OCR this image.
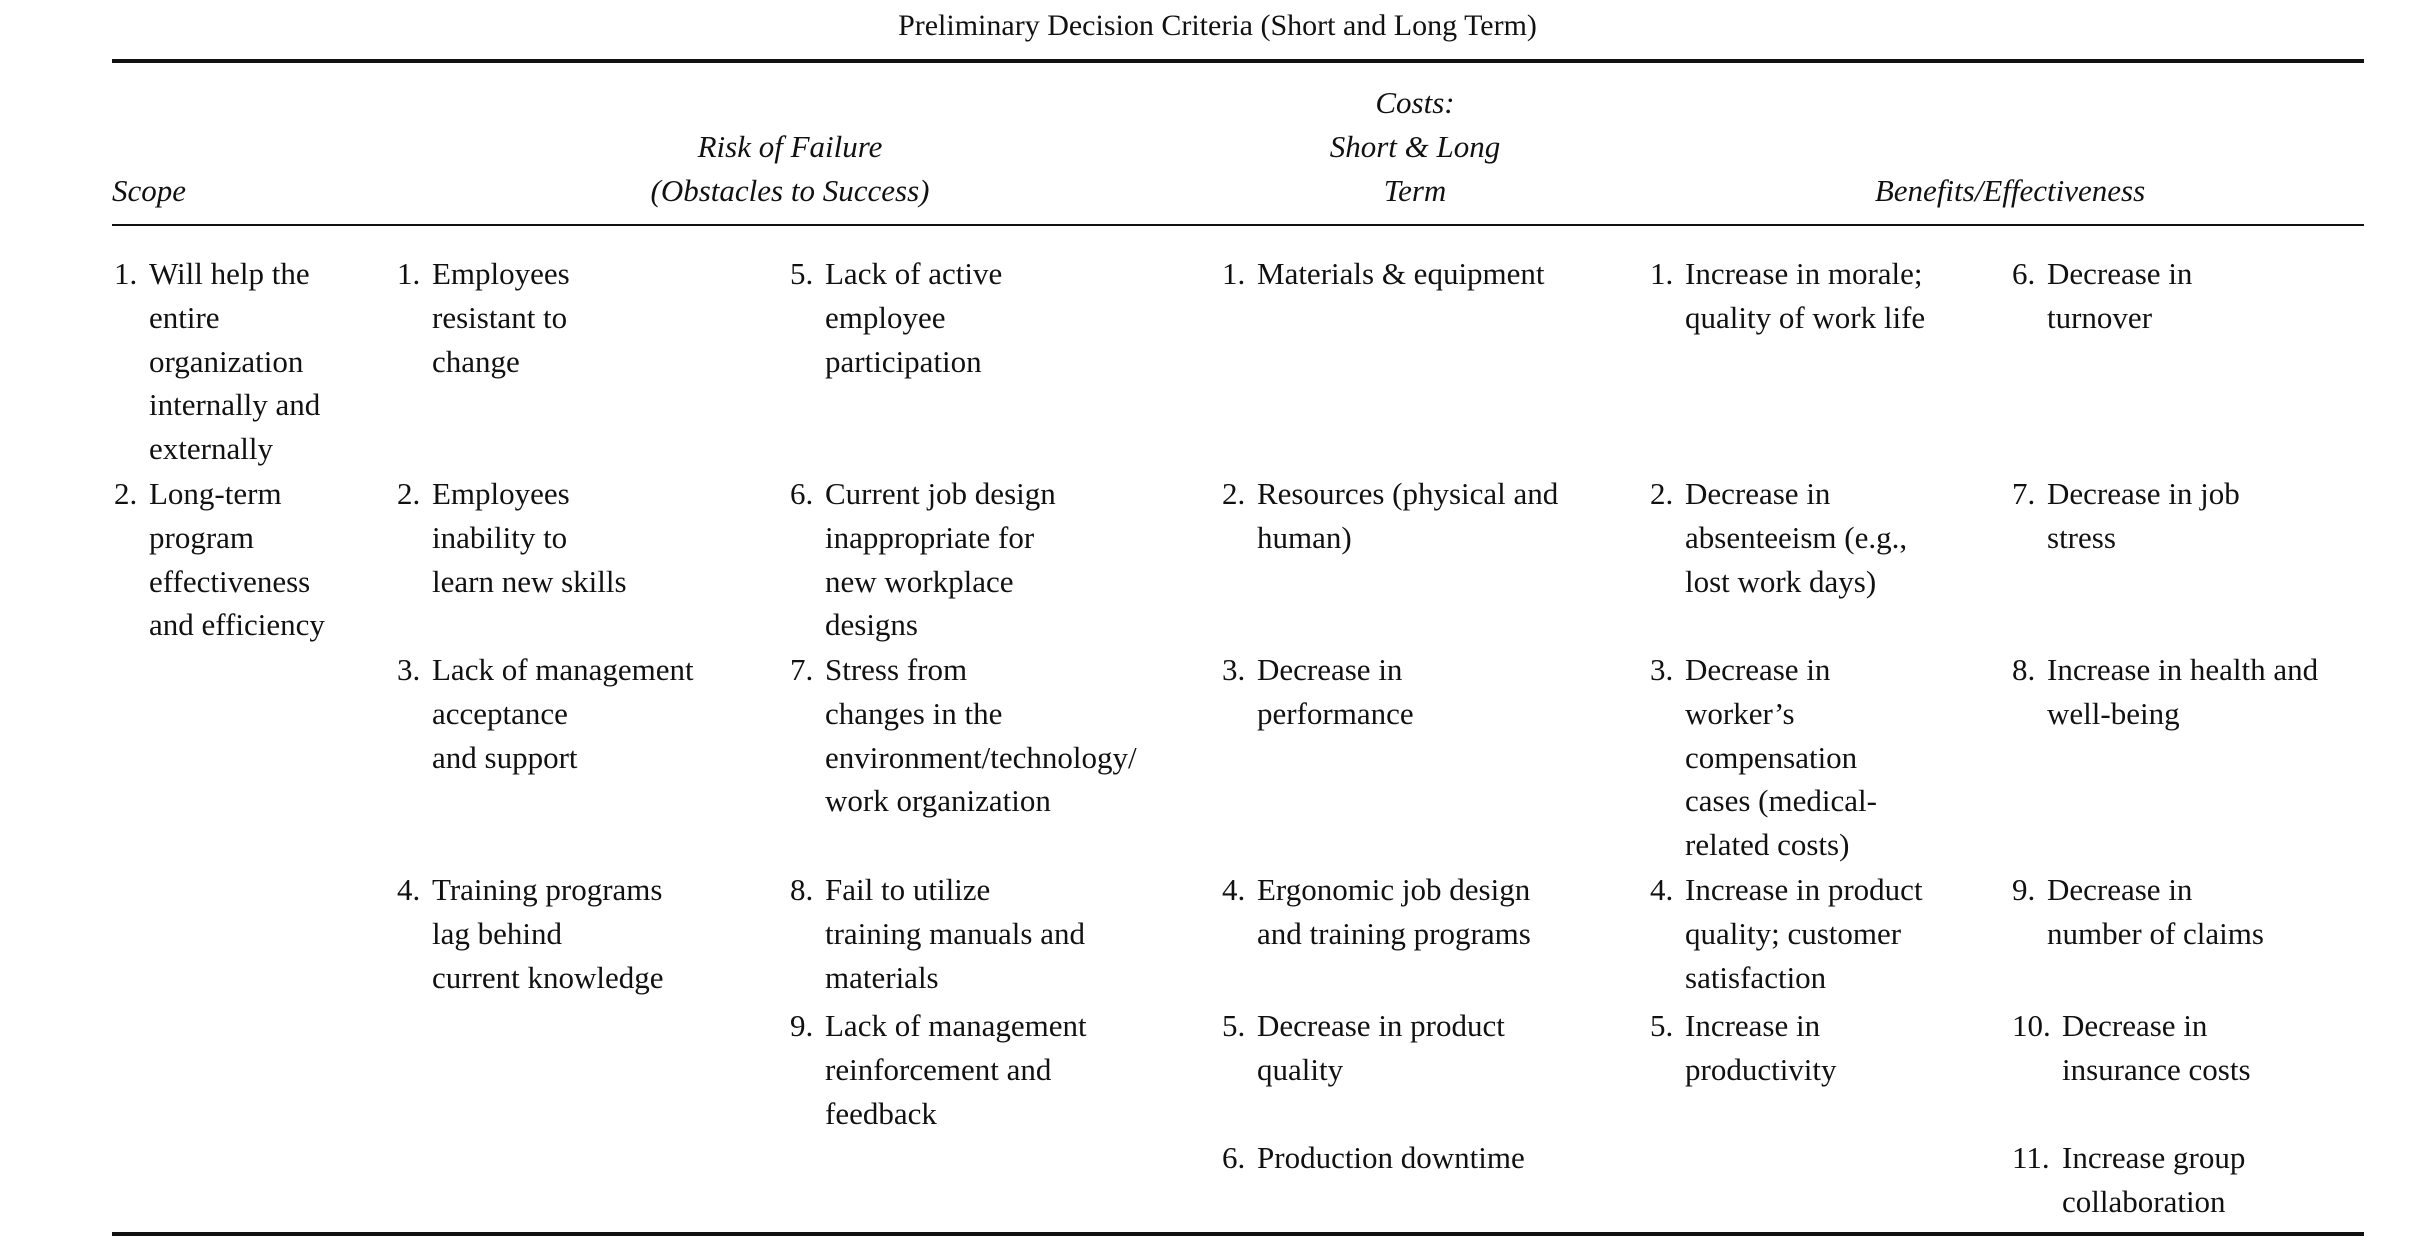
Preliminary Decision Criteria (Short and Long Term)
Scope
Risk of Failure
(Obstacles to Success)
Costs:
Short & Long
Term	Benefits/Effectiveness
1. Will help the
entire
organization
internally and
externally
2. Long-term
program
effectiveness
and efficiency
1. Employees
resistant to
change
2. Employees
inability to
learn new skills
3. Lack of management
acceptance
and support
4. Training programs
lag behind
current knowledge
5. Lack of active
employee
participation
6. Current job design
inappropriate for
new workplace
designs
7. Stress from
changes in the
environment/technology/
work organization
8. Fail to utilize
training manuals and
materials
9. Lack of management
reinforcement and
feedback
1. Materials & equipment
2. Resources (physical and
human)
3. Decrease in
performance
4. Ergonomic job design
and training programs
5. Decrease in product
quality
6. Production downtime
1. Increase in morale;
quality of work life
2. Decrease in
absenteeism (e.g.,
lost work days)
3. Decrease in
worker’s
compensation
cases (medical-
related costs)
4. Increase in product
quality; customer
satisfaction
5. Increase in
productivity
6. Decrease in
turnover
7. Decrease in job
stress
8. Increase in health and
well-being
9. Decrease in
number of claims
10. Decrease in
insurance costs
11. Increase group
collaboration
